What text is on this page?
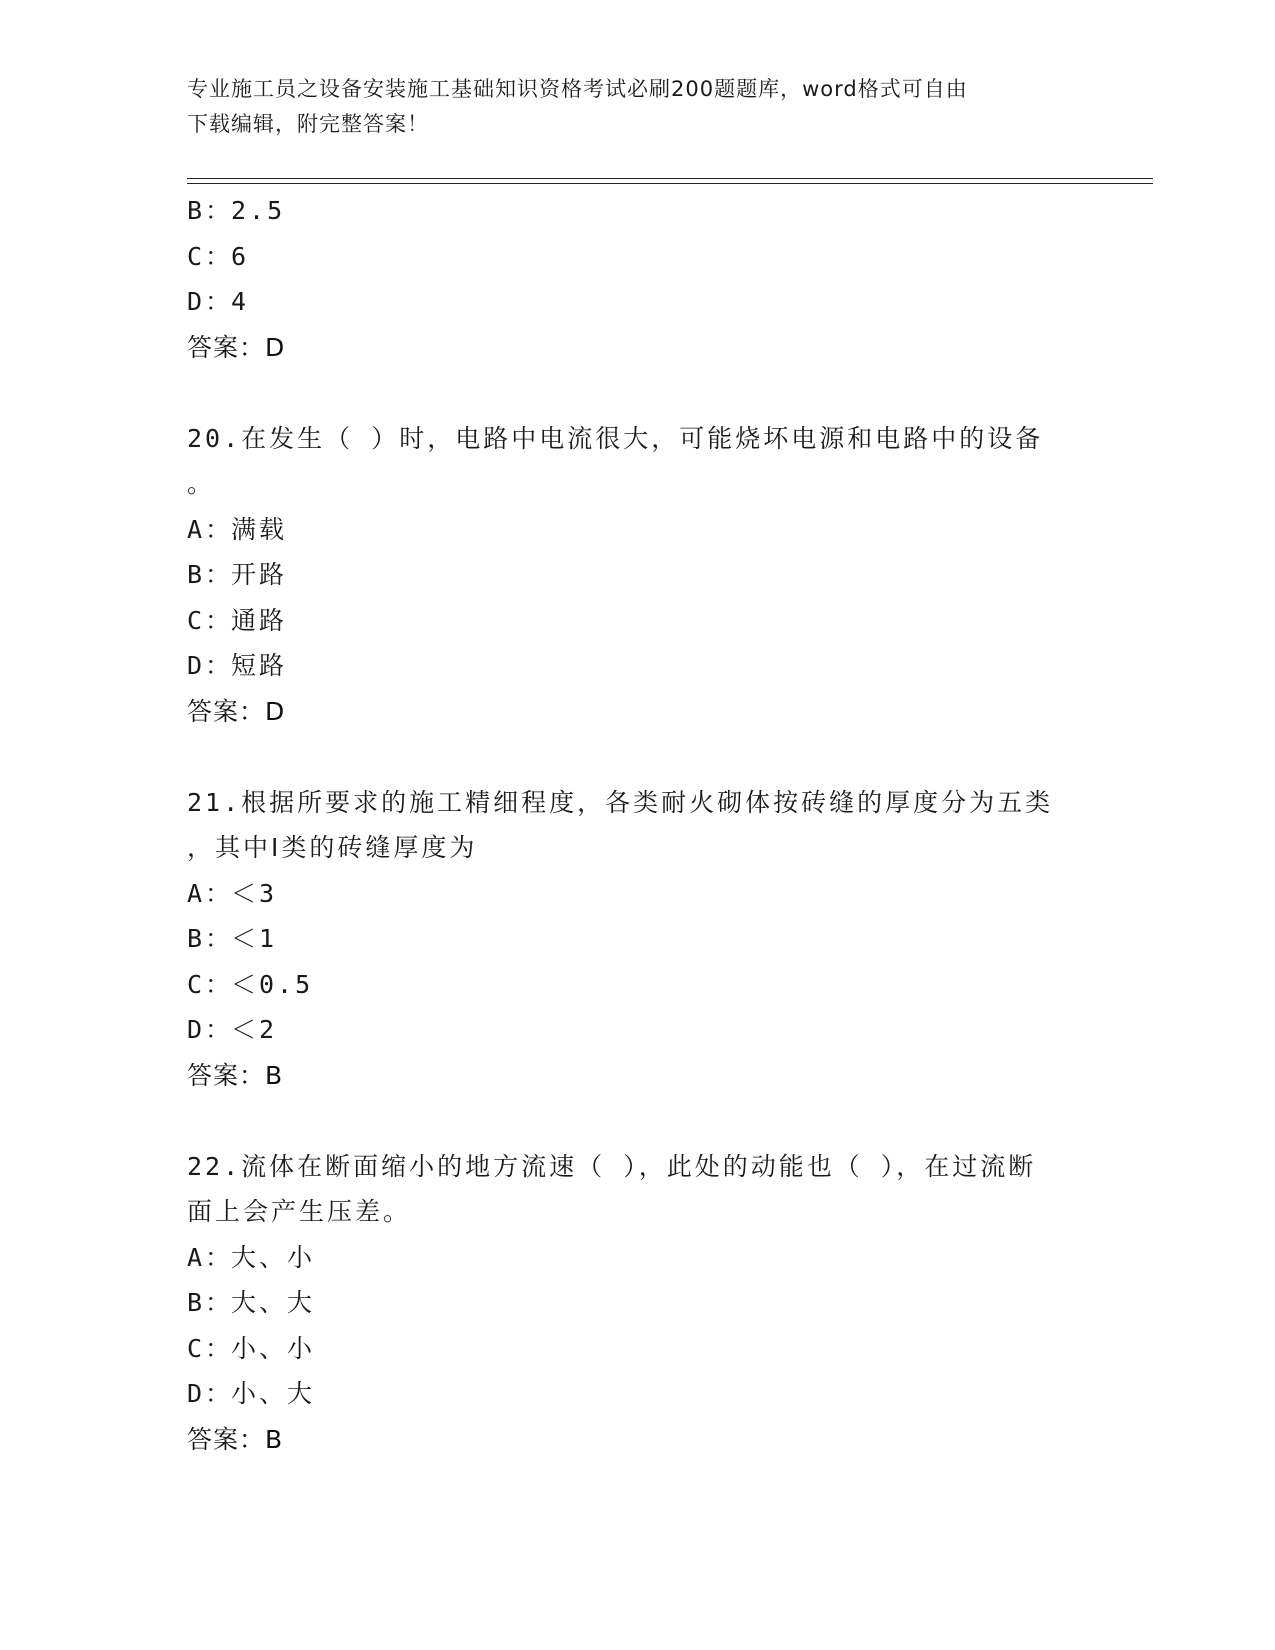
专业施工员之设备安装施工基础知识资格考试必刷200题题库，word格式可自由
下载编辑，附完整答案！
B：2.5
C：6
D：4
答案：D
20.在发生（ ）时，电路中电流很大，可能烧坏电源和电路中的设备
。
A：满载
B：开路
C：通路
D：短路
答案：D
21.根据所要求的施工精细程度，各类耐火砌体按砖缝的厚度分为五类
，其中Ⅰ类的砖缝厚度为
A：＜3
B：＜1
C：＜0.5
D：＜2
答案：B
22.流体在断面缩小的地方流速（ ），此处的动能也（ ），在过流断
面上会产生压差。
A：大、小
B：大、大
C：小、小
D：小、大
答案：B
